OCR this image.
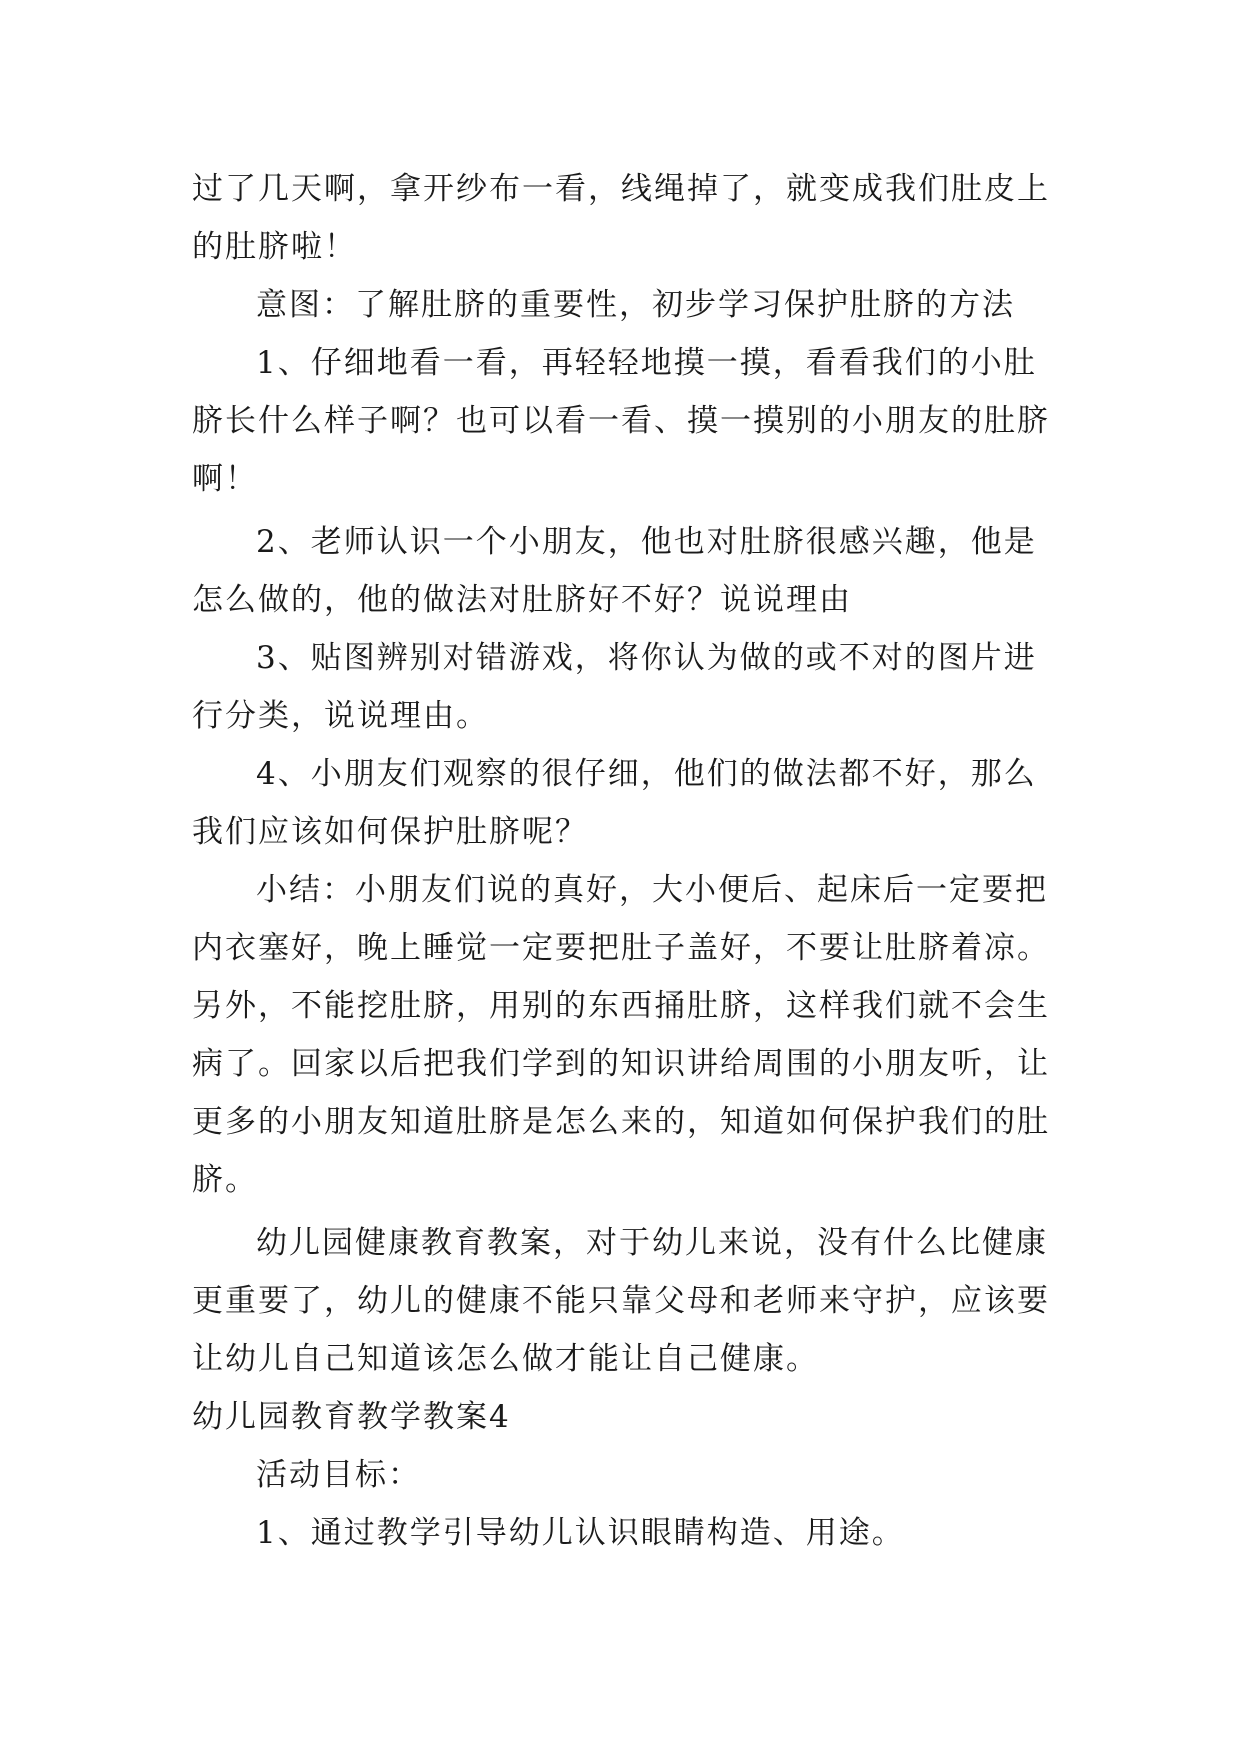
过了几天啊，拿开纱布一看，线绳掉了，就变成我们肚皮上的肚脐啦！

意图：了解肚脐的重要性，初步学习保护肚脐的方法

1、仔细地看一看，再轻轻地摸一摸，看看我们的小肚脐长什么样子啊？也可以看一看、摸一摸别的小朋友的肚脐啊！

2、老师认识一个小朋友，他也对肚脐很感兴趣，他是怎么做的，他的做法对肚脐好不好？说说理由

3、贴图辨别对错游戏，将你认为做的或不对的图片进行分类，说说理由。

4、小朋友们观察的很仔细，他们的做法都不好，那么我们应该如何保护肚脐呢？

小结：小朋友们说的真好，大小便后、起床后一定要把内衣塞好，晚上睡觉一定要把肚子盖好，不要让肚脐着凉。另外，不能挖肚脐，用别的东西捅肚脐，这样我们就不会生病了。回家以后把我们学到的知识讲给周围的小朋友听，让更多的小朋友知道肚脐是怎么来的，知道如何保护我们的肚脐。

幼儿园健康教育教案，对于幼儿来说，没有什么比健康更重要了，幼儿的健康不能只靠父母和老师来守护，应该要让幼儿自己知道该怎么做才能让自己健康。

幼儿园教育教学教案4

活动目标：

1、通过教学引导幼儿认识眼睛构造、用途。
